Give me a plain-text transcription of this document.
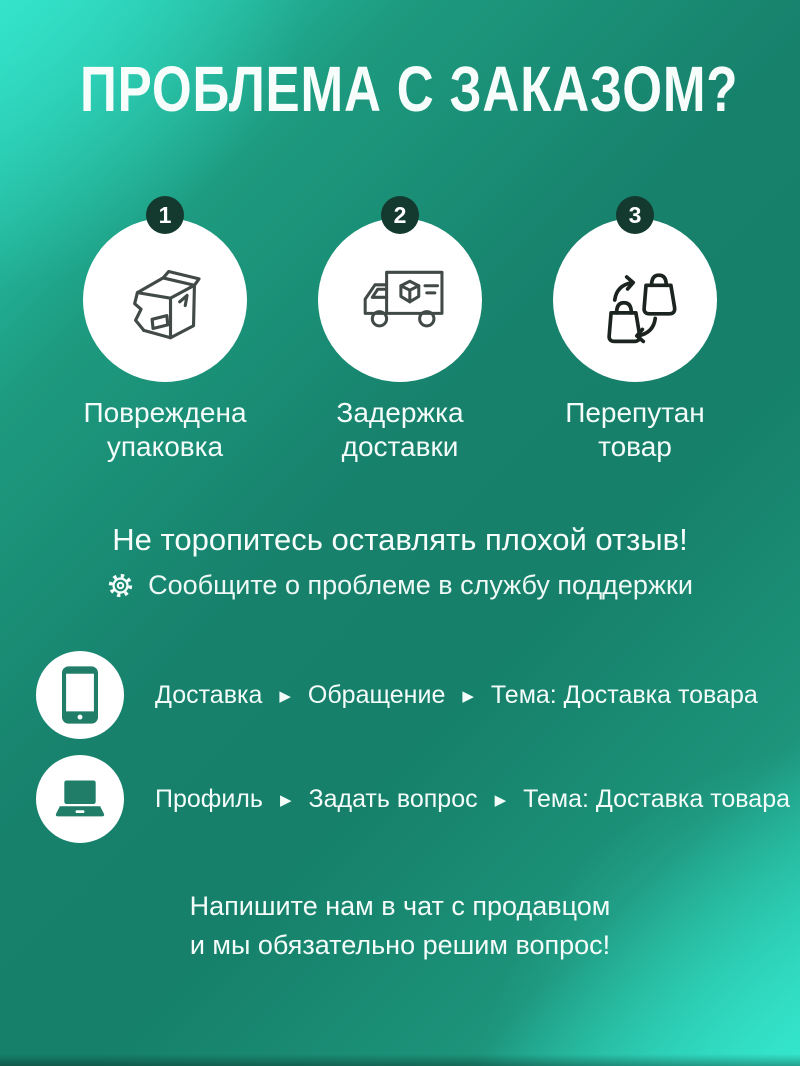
ПРОБЛЕМА С ЗАКАЗОМ?
1
Повреждена
упаковка
2
Задержка
доставки
3
Перепутан
товар
Не торопитесь оставлять плохой отзыв!
Сообщите о проблеме в службу поддержки
Доставка ▶ Обращение ▶ Тема: Доставка товара
Профиль ▶ Задать вопрос ▶ Тема: Доставка товара
Напишите нам в чат с продавцом
и мы обязательно решим вопрос!
